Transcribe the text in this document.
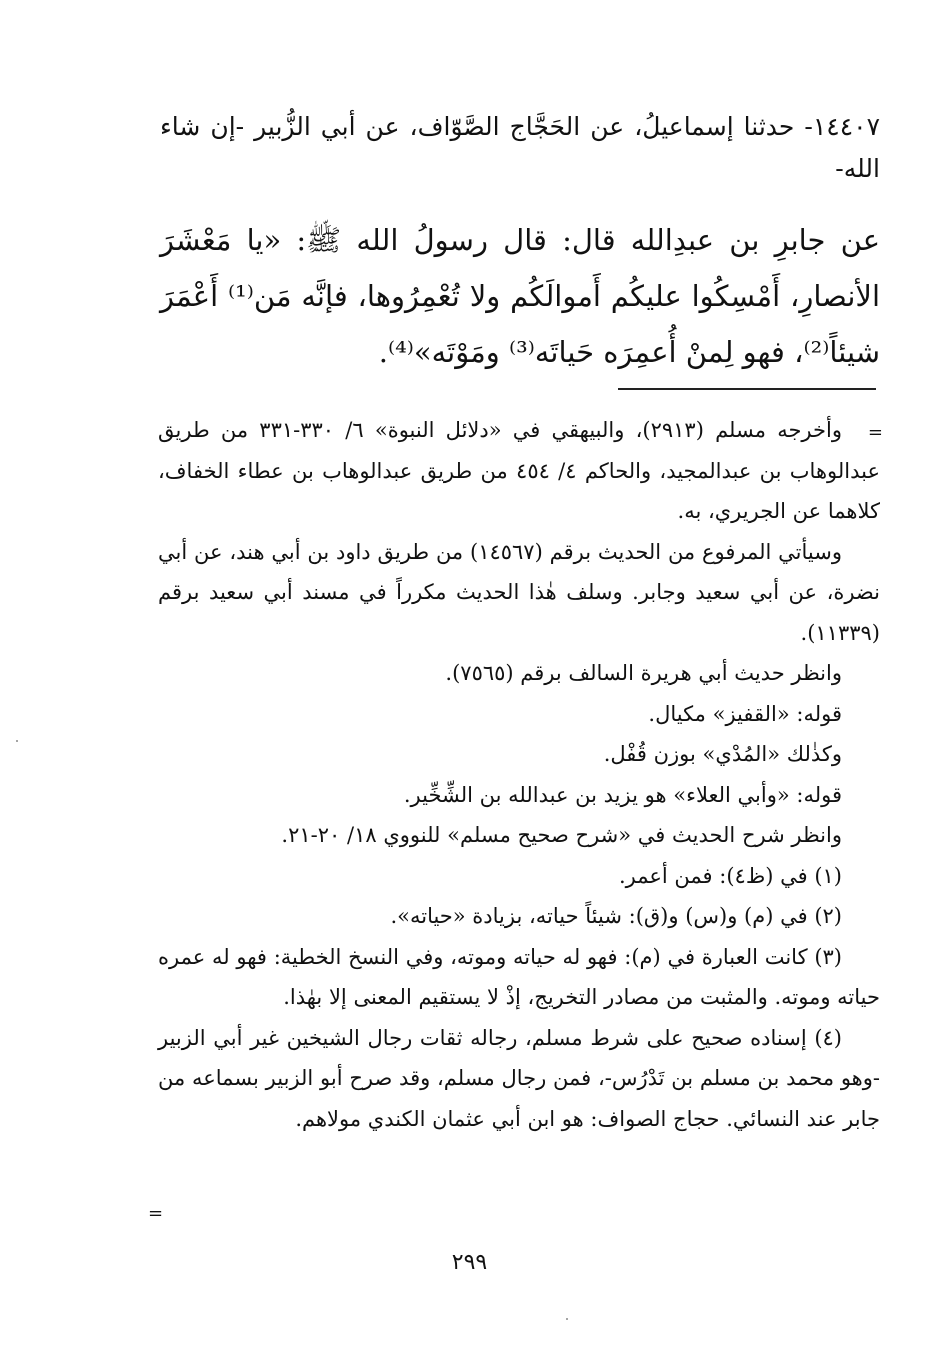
١٤٤٠٧- حدثنا إسماعيلُ، عن الحَجَّاج الصَّوّاف، عن أبي الزُّبير -إن شاء الله-
عن جابرِ بن عبدِالله قال: قال رسولُ الله ﷺ: «يا مَعْشَرَ الأنصارِ، أَمْسِكُوا عليكُم أَموالَكُم ولا تُعْمِرُوها، فإنَّه مَن⁽¹⁾ أَعْمَرَ شيئاً⁽²⁾، فهو لِمنْ أُعمِرَه حَياتَه⁽³⁾ ومَوْتَه»⁽⁴⁾.
=

وأخرجه مسلم (٢٩١٣)، والبيهقي في «دلائل النبوة» ٦/ ٣٣٠-٣٣١ من طريق عبدالوهاب بن عبدالمجيد، والحاكم ٤/ ٤٥٤ من طريق عبدالوهاب بن عطاء الخفاف، كلاهما عن الجريري، به.

وسيأتي المرفوع من الحديث برقم (١٤٥٦٧) من طريق داود بن أبي هند، عن أبي نضرة، عن أبي سعيد وجابر. وسلف هٰذا الحديث مكرراً في مسند أبي سعيد برقم (١١٣٣٩).

وانظر حديث أبي هريرة السالف برقم (٧٥٦٥).

قوله: «القفيز» مكيال.

وكذٰلك «المُدْي» بوزن قُفْل.

قوله: «وأبي العلاء» هو يزيد بن عبدالله بن الشِّخِّير.

وانظر شرح الحديث في «شرح صحيح مسلم» للنووي ١٨/ ٢٠-٢١.

(١) في (ظ٤): فمن أعمر.

(٢) في (م) و(س) و(ق): شيئاً حياته، بزيادة «حياته».

(٣) كانت العبارة في (م): فهو له حياته وموته، وفي النسخ الخطية: فهو له عمره حياته وموته. والمثبت من مصادر التخريج، إذْ لا يستقيم المعنى إلا بهٰذا.

(٤) إسناده صحيح على شرط مسلم، رجاله ثقات رجال الشيخين غير أبي الزبير -وهو محمد بن مسلم بن تَدْرُس-، فمن رجال مسلم، وقد صرح أبو الزبير بسماعه من جابر عند النسائي. حجاج الصواف: هو ابن أبي عثمان الكندي مولاهم.

=
٢٩٩
